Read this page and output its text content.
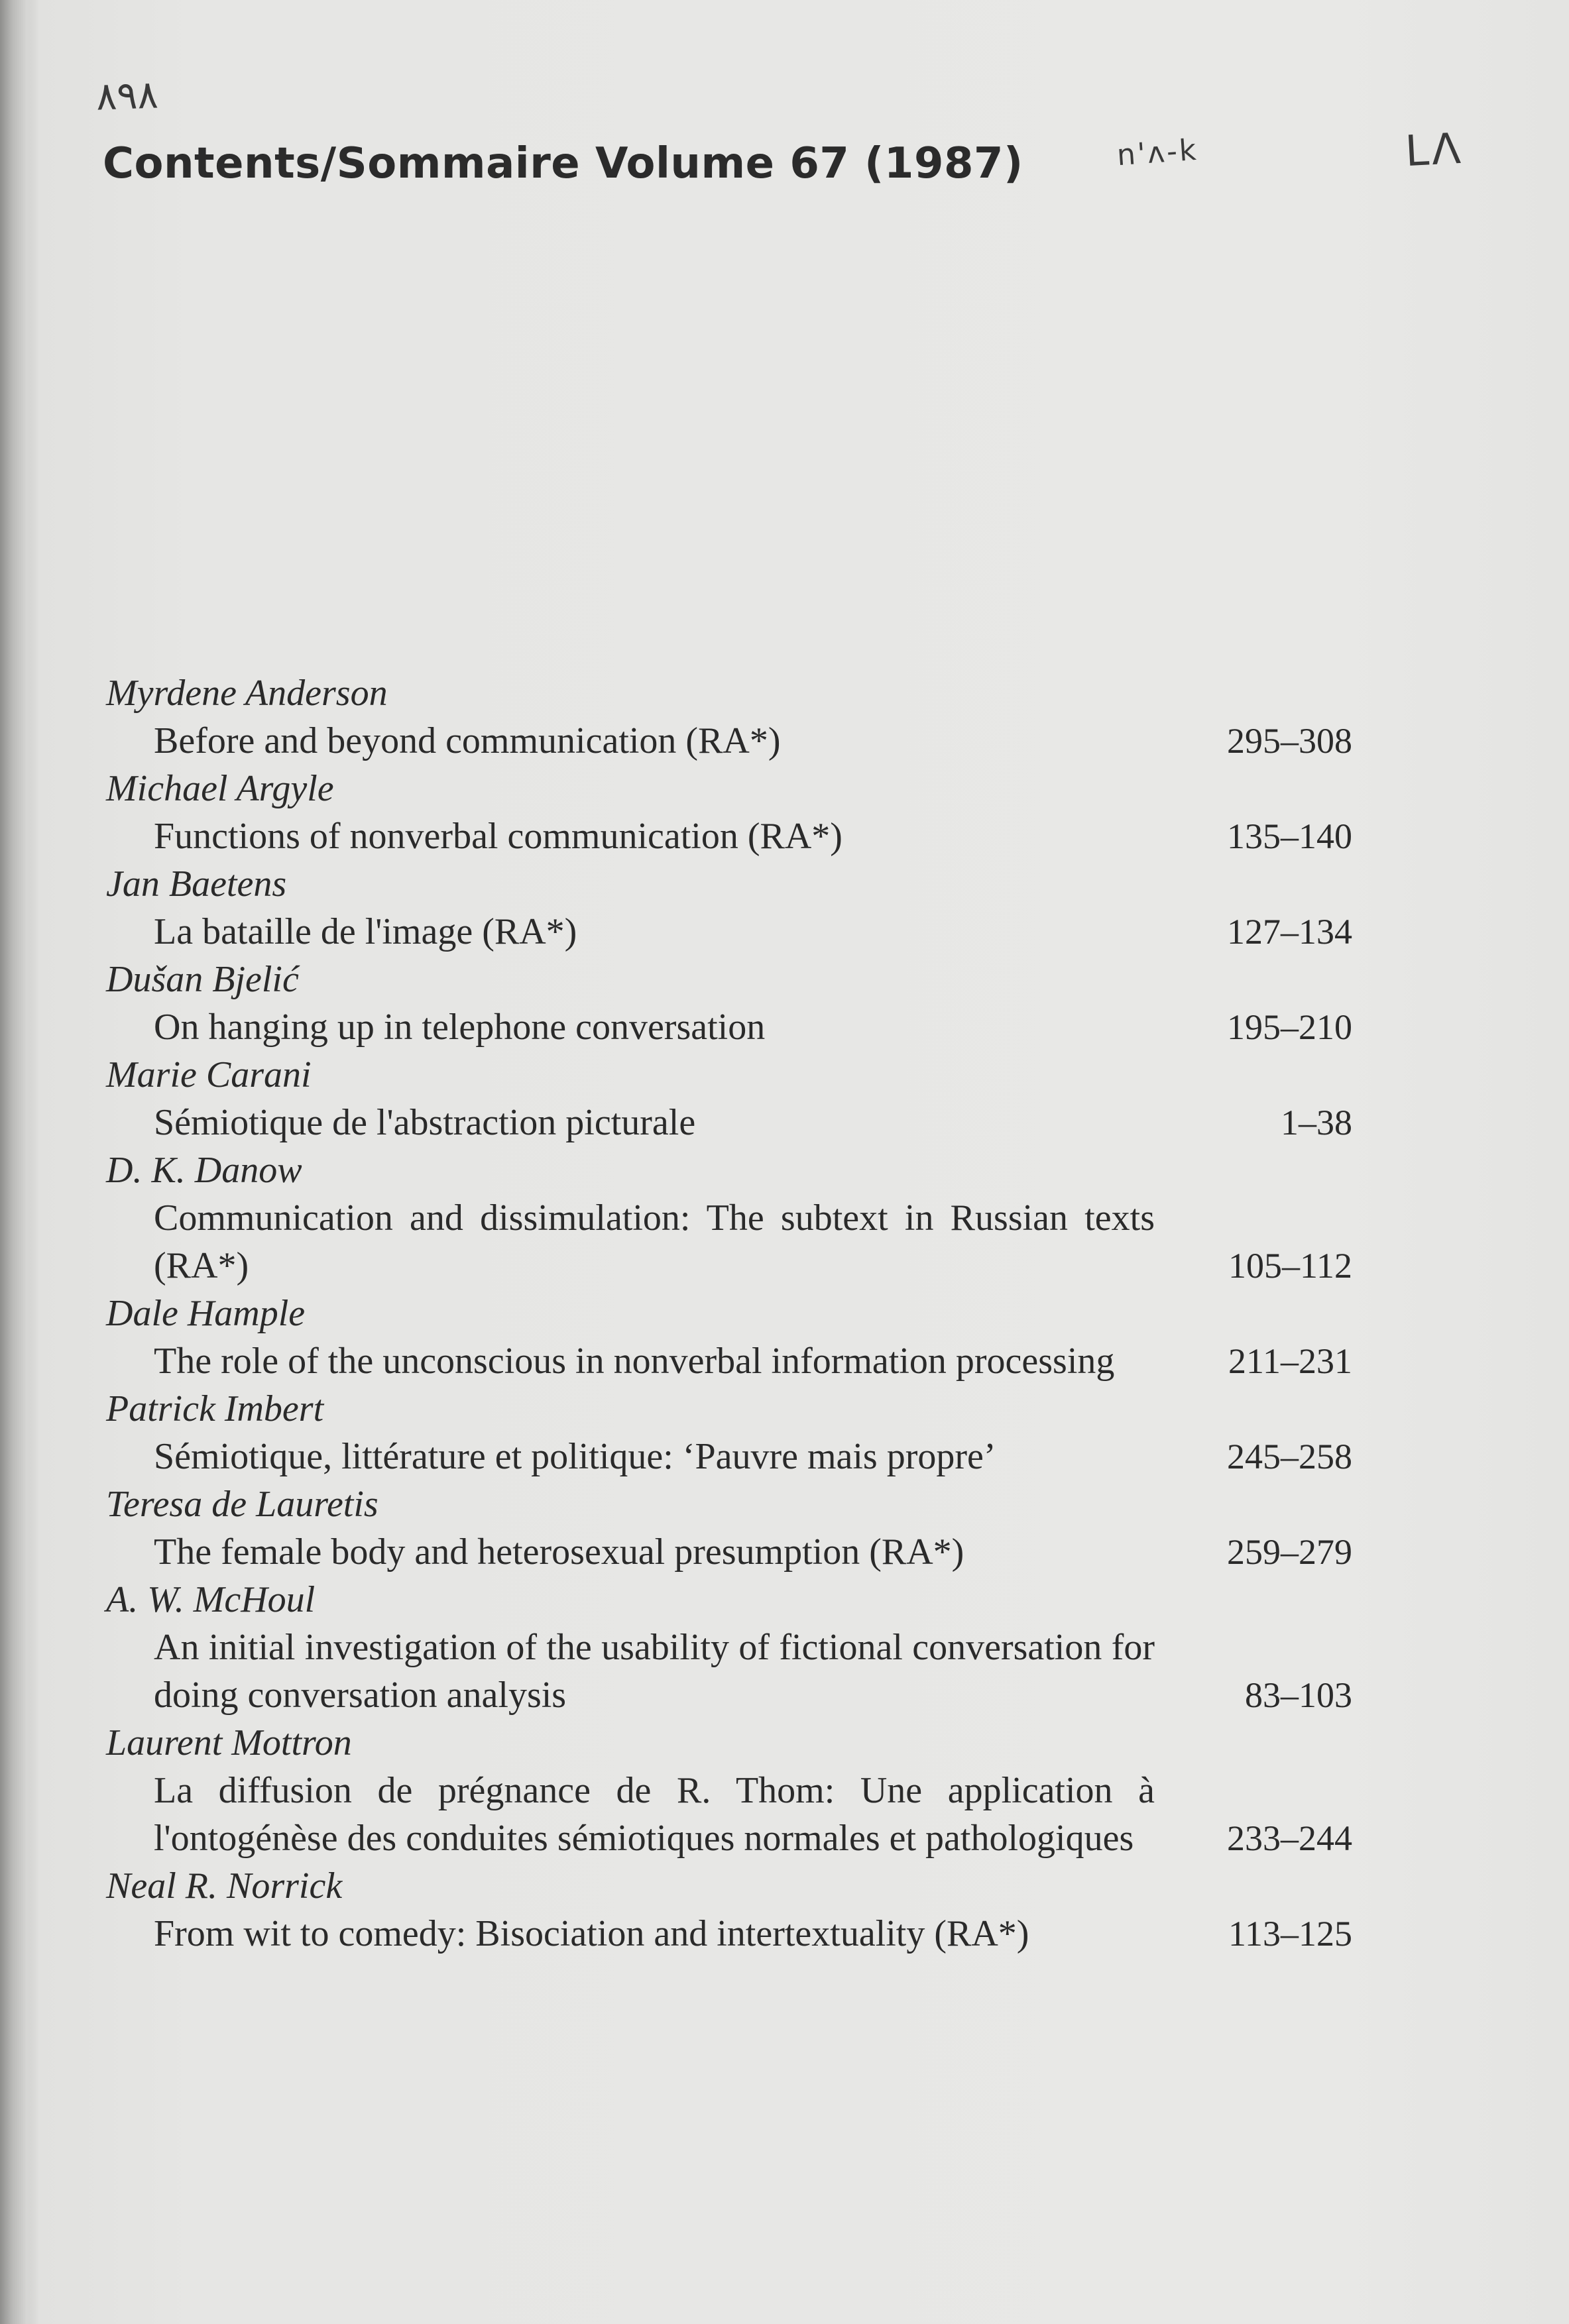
٨٩٨
n'ʌ-k	LΛ
Contents/Sommaire Volume 67 (1987)
Myrdene Anderson
Before and beyond communication (RA*)	295–308
Michael Argyle
Functions of nonverbal communication (RA*)	135–140
Jan Baetens
La bataille de l'image (RA*)	127–134
Dušan Bjelić
On hanging up in telephone conversation	195–210
Marie Carani
Sémiotique de l'abstraction picturale	1–38
D. K. Danow
Communication and dissimulation: The subtext in Russian texts (RA*)	105–112
Dale Hample
The role of the unconscious in nonverbal information processing	211–231
Patrick Imbert
Sémiotique, littérature et politique: ‘Pauvre mais propre’	245–258
Teresa de Lauretis
The female body and heterosexual presumption (RA*)	259–279
A. W. McHoul
An initial investigation of the usability of fictional conversation for doing conversation analysis	83–103
Laurent Mottron
La diffusion de prégnance de R. Thom: Une application à l'ontogénèse des conduites sémiotiques normales et pathologiques	233–244
Neal R. Norrick
From wit to comedy: Bisociation and intertextuality (RA*)	113–125
